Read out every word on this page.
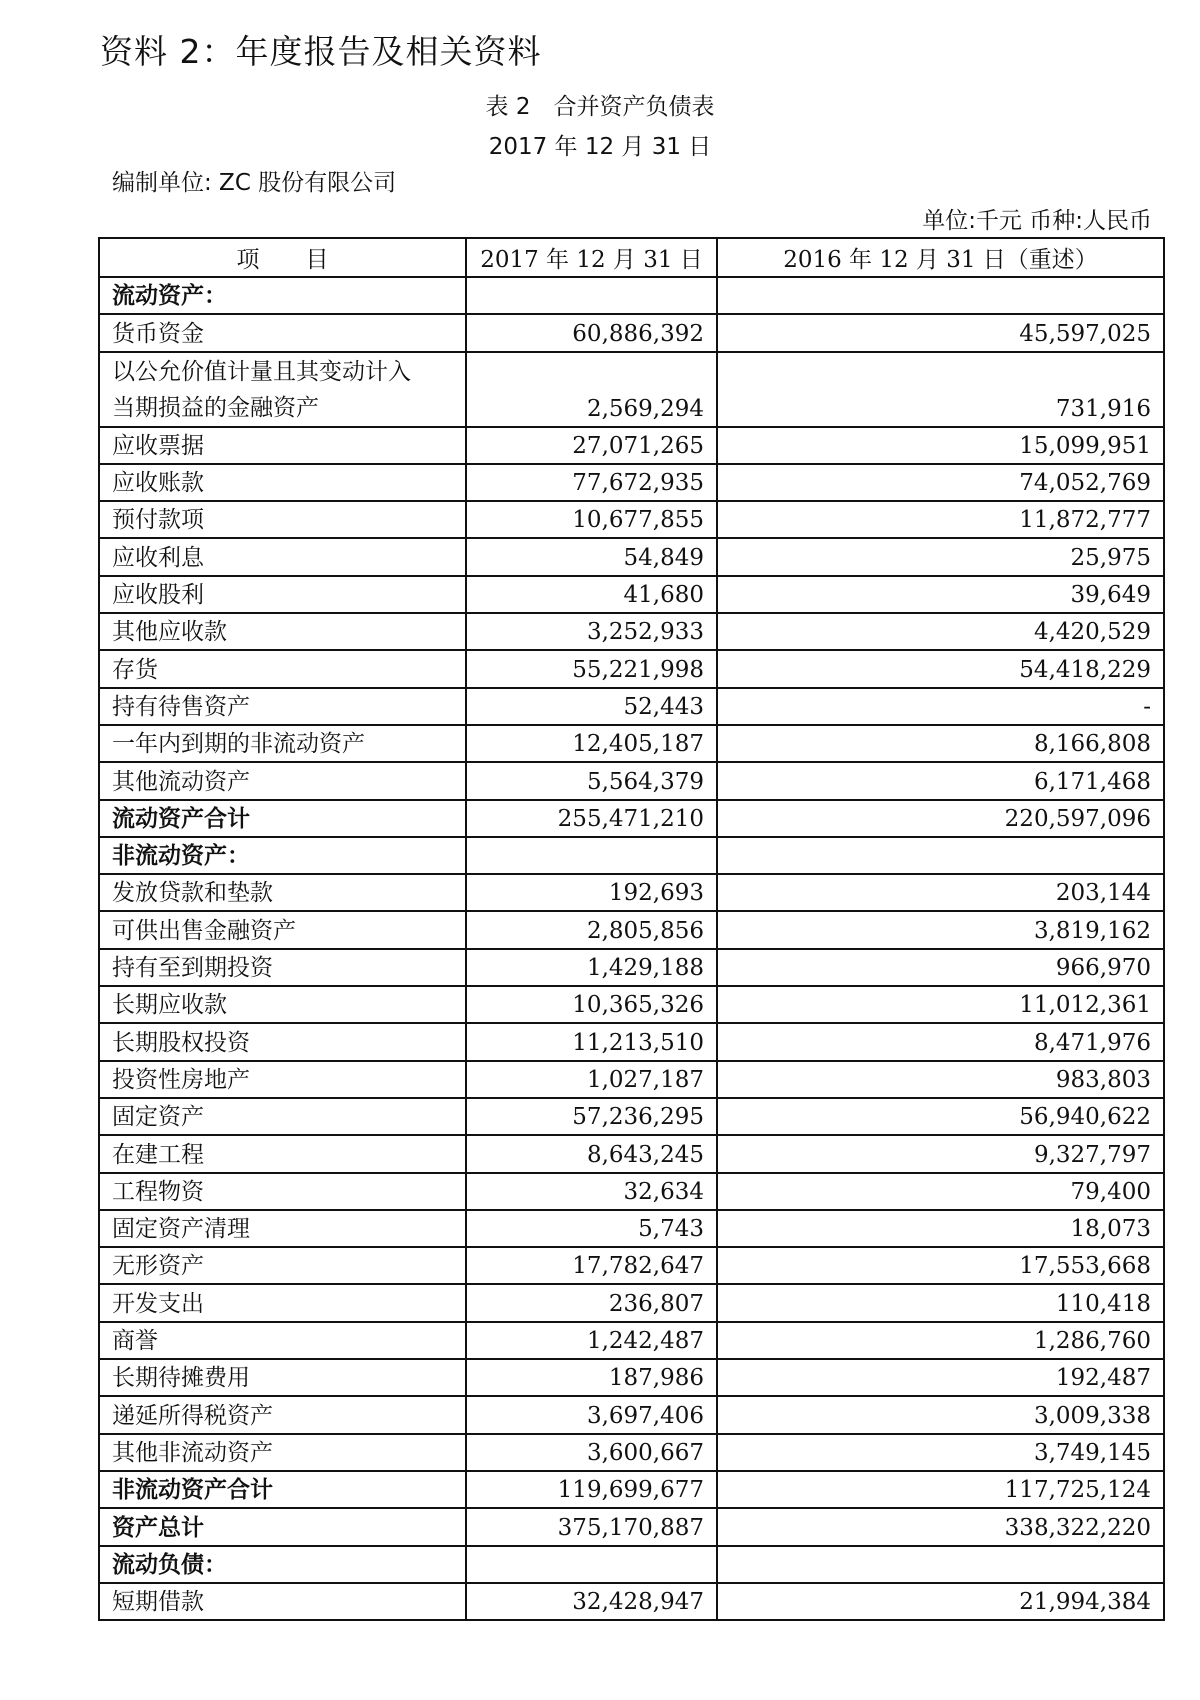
资料 2：年度报告及相关资料
表 2　合并资产负债表
2017 年 12 月 31 日
编制单位: ZC 股份有限公司
单位:千元 币种:人民币
项　　目	2017 年 12 月 31 日	2016 年 12 月 31 日（重述）
流动资产：		
货币资金	60,886,392	45,597,025

以公允价值计量且其变动计入
当期损益的金融资产	2,569,294	731,916
应收票据	27,071,265	15,099,951
应收账款	77,672,935	74,052,769
预付款项	10,677,855	11,872,777
应收利息	54,849	25,975
应收股利	41,680	39,649
其他应收款	3,252,933	4,420,529
存货	55,221,998	54,418,229
持有待售资产	52,443	-
一年内到期的非流动资产	12,405,187	8,166,808
其他流动资产	5,564,379	6,171,468
流动资产合计	255,471,210	220,597,096
非流动资产：		
发放贷款和垫款	192,693	203,144
可供出售金融资产	2,805,856	3,819,162
持有至到期投资	1,429,188	966,970
长期应收款	10,365,326	11,012,361
长期股权投资	11,213,510	8,471,976
投资性房地产	1,027,187	983,803
固定资产	57,236,295	56,940,622
在建工程	8,643,245	9,327,797
工程物资	32,634	79,400
固定资产清理	5,743	18,073
无形资产	17,782,647	17,553,668
开发支出	236,807	110,418
商誉	1,242,487	1,286,760
长期待摊费用	187,986	192,487
递延所得税资产	3,697,406	3,009,338
其他非流动资产	3,600,667	3,749,145
非流动资产合计	119,699,677	117,725,124
资产总计	375,170,887	338,322,220
流动负债：		
短期借款	32,428,947	21,994,384
